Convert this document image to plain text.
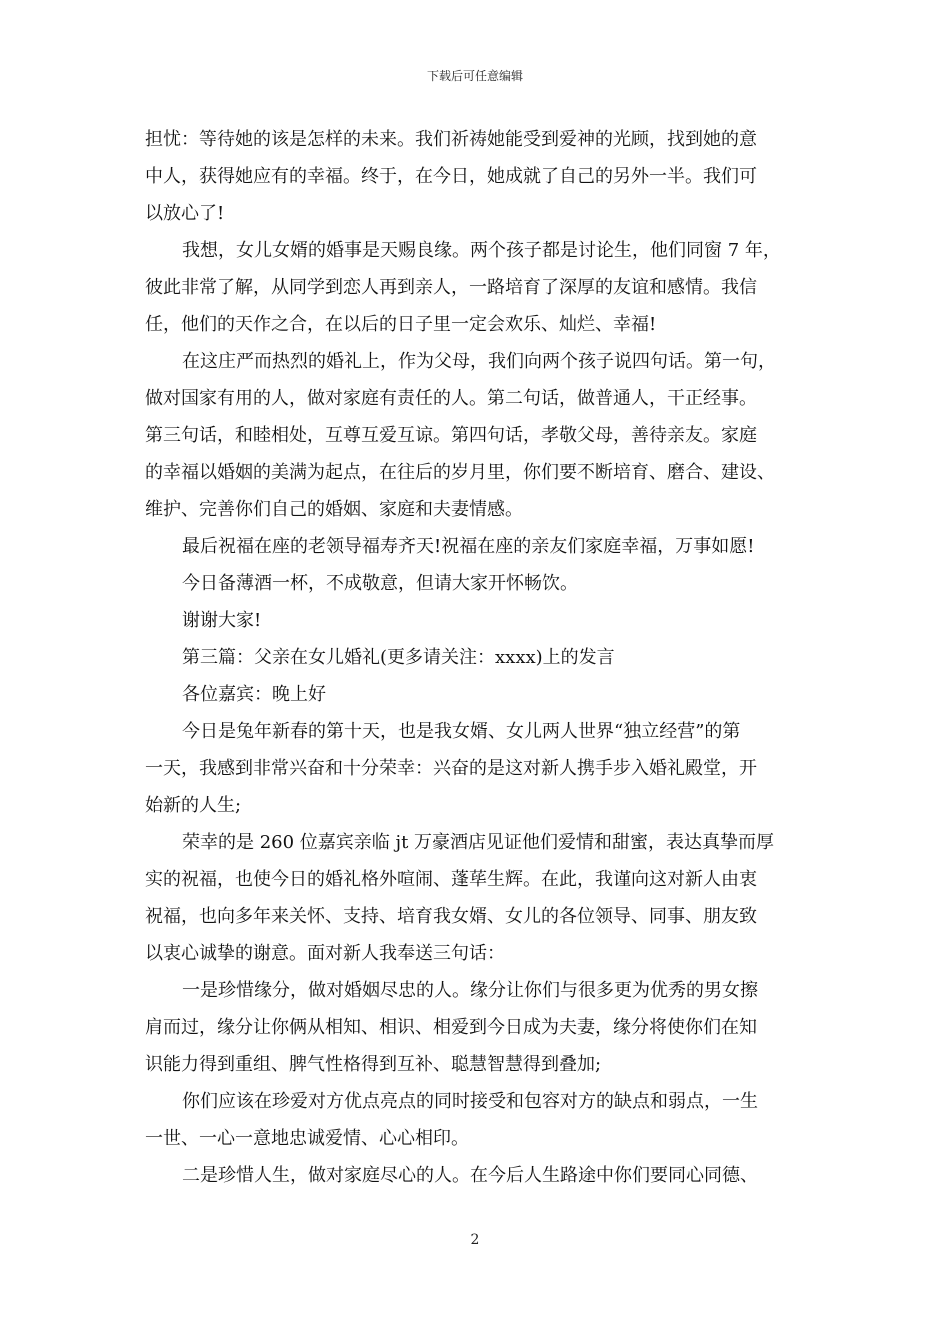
下载后可任意编辑

担忧：等待她的该是怎样的未来。我们祈祷她能受到爱神的光顾，找到她的意

中人，获得她应有的幸福。终于，在今日，她成就了自己的另外一半。我们可

以放心了!

我想，女儿女婿的婚事是天赐良缘。两个孩子都是讨论生，他们同窗 7 年，

彼此非常了解，从同学到恋人再到亲人，一路培育了深厚的友谊和感情。我信

任，他们的天作之合，在以后的日子里一定会欢乐、灿烂、幸福!

在这庄严而热烈的婚礼上，作为父母，我们向两个孩子说四句话。第一句，

做对国家有用的人，做对家庭有责任的人。第二句话，做普通人，干正经事。

第三句话，和睦相处，互尊互爱互谅。第四句话，孝敬父母，善待亲友。家庭

的幸福以婚姻的美满为起点，在往后的岁月里，你们要不断培育、磨合、建设、

维护、完善你们自己的婚姻、家庭和夫妻情感。

最后祝福在座的老领导福寿齐天!祝福在座的亲友们家庭幸福，万事如愿!

今日备薄酒一杯，不成敬意，但请大家开怀畅饮。

谢谢大家!

第三篇：父亲在女儿婚礼(更多请关注：xxxx)上的发言

各位嘉宾：晚上好

今日是兔年新春的第十天，也是我女婿、女儿两人世界“独立经营”的第

一天，我感到非常兴奋和十分荣幸：兴奋的是这对新人携手步入婚礼殿堂，开

始新的人生;

荣幸的是 260 位嘉宾亲临 jt 万豪酒店见证他们爱情和甜蜜，表达真挚而厚

实的祝福，也使今日的婚礼格外喧闹、蓬荜生辉。在此，我谨向这对新人由衷

祝福，也向多年来关怀、支持、培育我女婿、女儿的各位领导、同事、朋友致

以衷心诚挚的谢意。面对新人我奉送三句话：

一是珍惜缘分，做对婚姻尽忠的人。缘分让你们与很多更为优秀的男女擦

肩而过，缘分让你俩从相知、相识、相爱到今日成为夫妻，缘分将使你们在知

识能力得到重组、脾气性格得到互补、聪慧智慧得到叠加;

你们应该在珍爱对方优点亮点的同时接受和包容对方的缺点和弱点，一生

一世、一心一意地忠诚爱情、心心相印。

二是珍惜人生，做对家庭尽心的人。在今后人生路途中你们要同心同德、

2
